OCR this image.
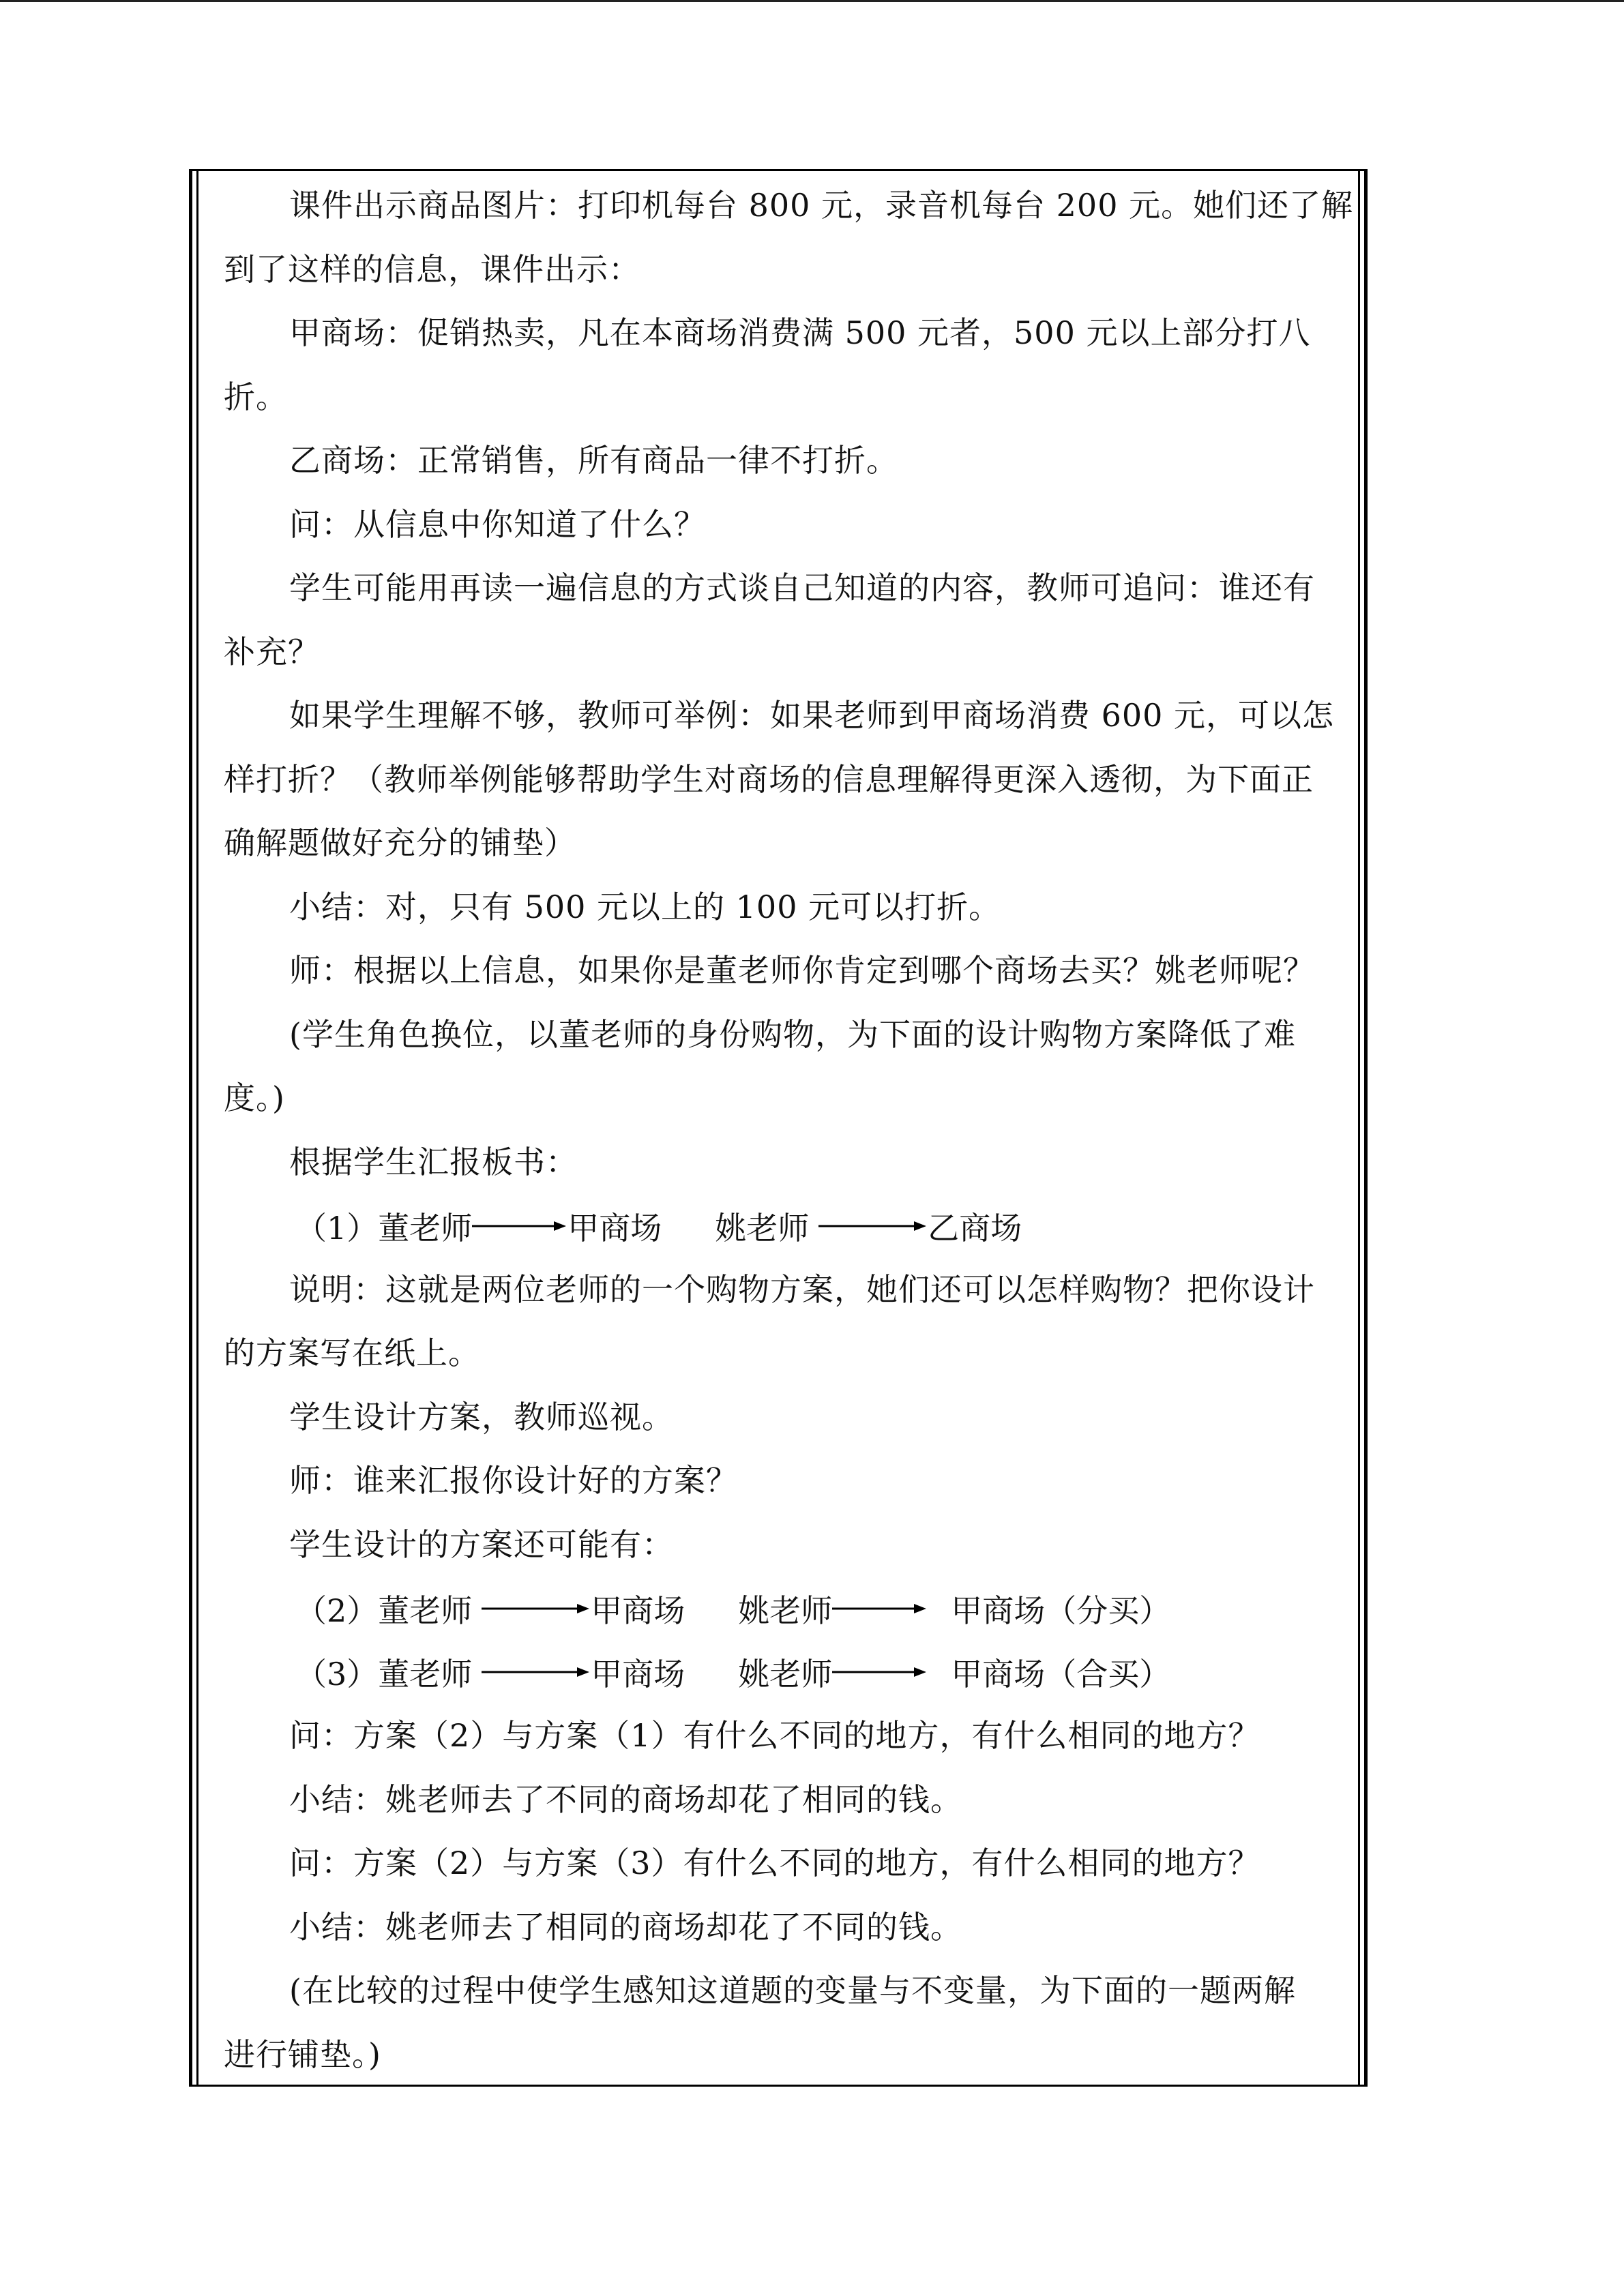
课件出示商品图片：打印机每台 800 元，录音机每台 200 元。她们还了解

到了这样的信息，课件出示：

甲商场：促销热卖，凡在本商场消费满 500 元者，500 元以上部分打八

折。

乙商场：正常销售，所有商品一律不打折。

问：从信息中你知道了什么？

学生可能用再读一遍信息的方式谈自己知道的内容，教师可追问：谁还有

补充？

如果学生理解不够，教师可举例：如果老师到甲商场消费 600 元，可以怎

样打折？（教师举例能够帮助学生对商场的信息理解得更深入透彻，为下面正

确解题做好充分的铺垫）

小结：对，只有 500 元以上的 100 元可以打折。

师：根据以上信息，如果你是董老师你肯定到哪个商场去买？姚老师呢？

(学生角色换位，以董老师的身份购物，为下面的设计购物方案降低了难

度。)

根据学生汇报板书：

（1） 董老师	甲商场 姚老师	乙商场

说明：这就是两位老师的一个购物方案，她们还可以怎样购物？把你设计

的方案写在纸上。

学生设计方案，教师巡视。

师：谁来汇报你设计好的方案？

学生设计的方案还可能有：

（2） 董老师	甲商场 姚老师	甲商场（分买）
（3） 董老师	甲商场 姚老师	甲商场（合买）

问：方案（2）与方案（1）有什么不同的地方，有什么相同的地方？

小结：姚老师去了不同的商场却花了相同的钱。

问：方案（2）与方案（3）有什么不同的地方，有什么相同的地方？

小结：姚老师去了相同的商场却花了不同的钱。

(在比较的过程中使学生感知这道题的变量与不变量，为下面的一题两解

进行铺垫。)
